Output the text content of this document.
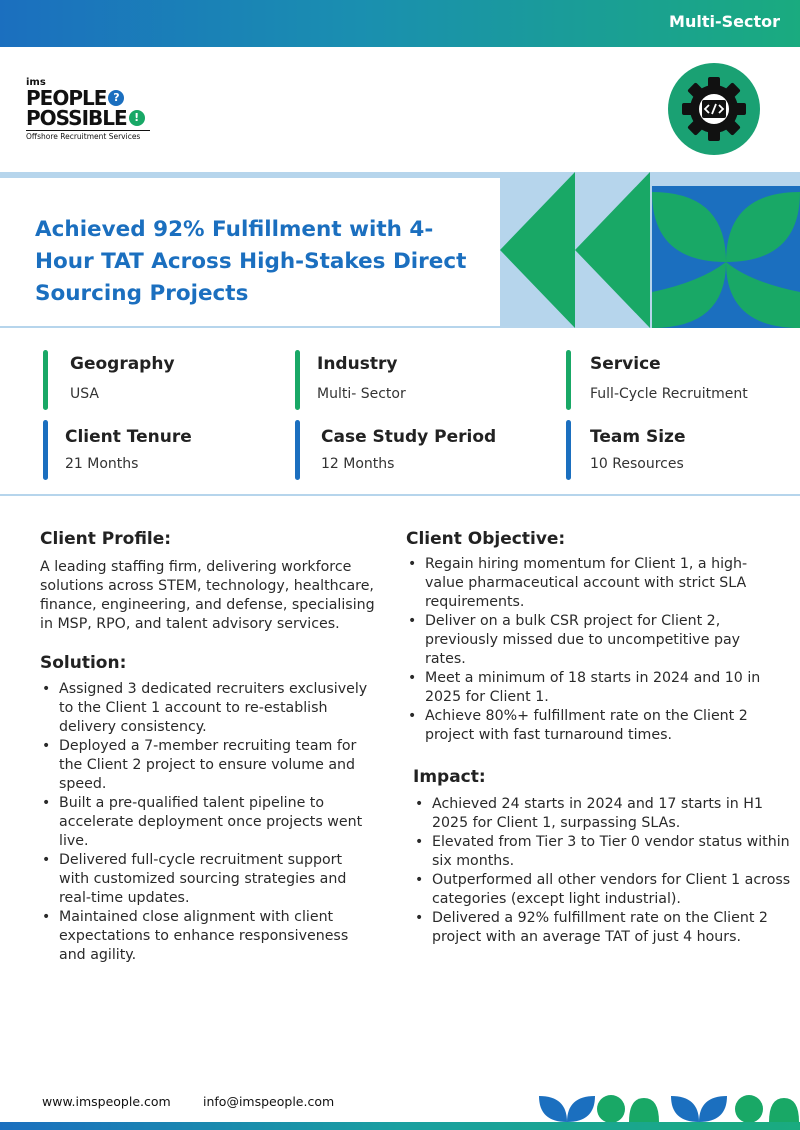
Multi-Sector
ims
PEOPLE ?
POSSIBLE !
Offshore Recruitment Services
Achieved 92% Fulfillment with 4-Hour TAT Across High-Stakes Direct Sourcing Projects
Geography
USA
Industry
Multi- Sector
Service
Full-Cycle Recruitment
Client Tenure
21 Months
Case Study Period
12 Months
Team Size
10 Resources
Client Profile:

A leading staffing firm, delivering workforce solutions across STEM, technology, healthcare, finance, engineering, and defense, specialising in MSP, RPO, and talent advisory services.

Solution:
• Assigned 3 dedicated recruiters exclusively to the Client 1 account to re-establish delivery consistency.
• Deployed a 7-member recruiting team for the Client 2 project to ensure volume and speed.
• Built a pre-qualified talent pipeline to accelerate deployment once projects went live.
• Delivered full-cycle recruitment support with customized sourcing strategies and real-time updates.
• Maintained close alignment with client expectations to enhance responsiveness and agility.
Client Objective:
• Regain hiring momentum for Client 1, a high-value pharmaceutical account with strict SLA requirements.
• Deliver on a bulk CSR project for Client 2, previously missed due to uncompetitive pay rates.
• Meet a minimum of 18 starts in 2024 and 10 in 2025 for Client 1.
• Achieve 80%+ fulfillment rate on the Client 2 project with fast turnaround times.
Impact:
• Achieved 24 starts in 2024 and 17 starts in H1 2025 for Client 1, surpassing SLAs.
• Elevated from Tier 3 to Tier 0 vendor status within six months.
• Outperformed all other vendors for Client 1 across categories (except light industrial).
• Delivered a 92% fulfillment rate on the Client 2 project with an average TAT of just 4 hours.
www.imspeople.com	info@imspeople.com
